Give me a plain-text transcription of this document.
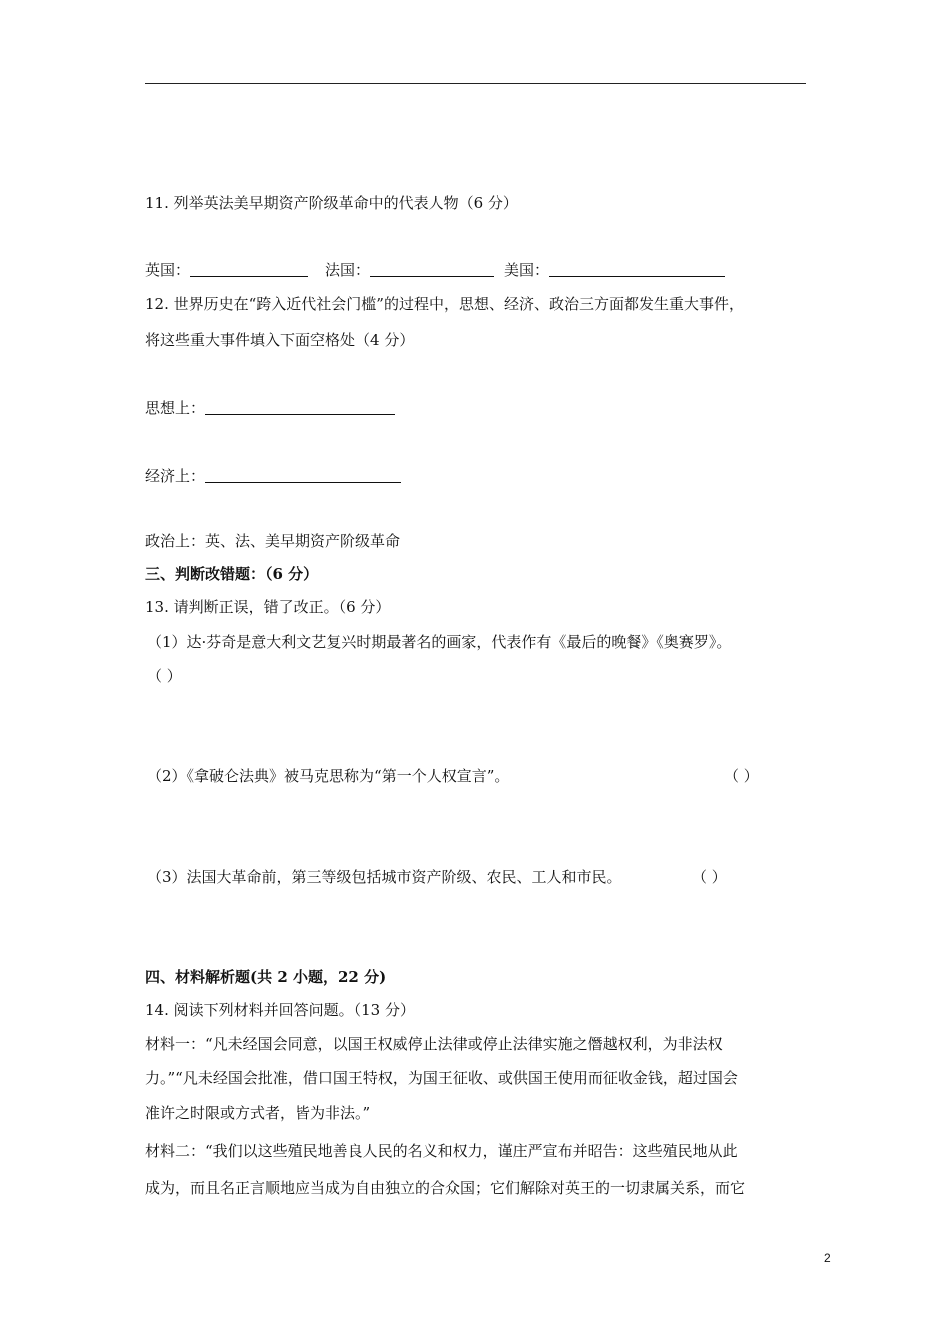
11. 列举英法美早期资产阶级革命中的代表人物（6 分）
英国：	法国：	美国：
12. 世界历史在“跨入近代社会门槛”的过程中，思想、经济、政治三方面都发生重大事件，
将这些重大事件填入下面空格处（4 分）
思想上：
经济上：
政治上：英、法、美早期资产阶级革命
三、判断改错题：（6 分）
13. 请判断正误，错了改正。（6 分）
（1）达·芬奇是意大利文艺复兴时期最著名的画家，代表作有《最后的晚餐》《奥赛罗》。
（ ）
（2）《拿破仑法典》被马克思称为“第一个人权宣言”。	（ ）
（3）法国大革命前，第三等级包括城市资产阶级、农民、工人和市民。	（ ）
四、材料解析题(共 2 小题，22 分)
14. 阅读下列材料并回答问题。（13 分）
材料一：“凡未经国会同意，以国王权威停止法律或停止法律实施之僭越权利，为非法权
力。”“凡未经国会批准，借口国王特权，为国王征收、或供国王使用而征收金钱，超过国会
准许之时限或方式者，皆为非法。”
材料二：“我们以这些殖民地善良人民的名义和权力，谨庄严宣布并昭告：这些殖民地从此
成为，而且名正言顺地应当成为自由独立的合众国；它们解除对英王的一切隶属关系，而它
2
